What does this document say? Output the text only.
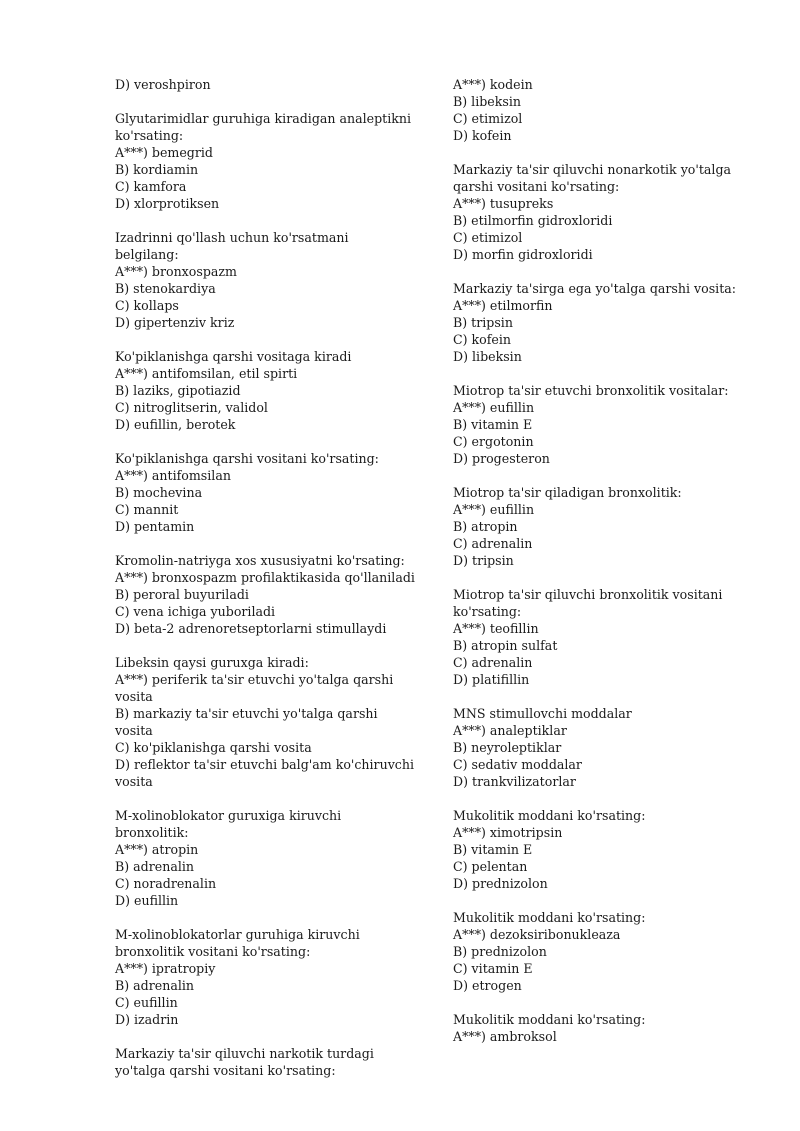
D) veroshpiron
Glyutarimidlar guruhiga kiradigan analeptikni
ko'rsating:
A***) bemegrid
B) kordiamin
C) kamfora
D) xlorprotiksen
Izadrinni qo'llash uchun ko'rsatmani belgilang:
A***) bronxospazm
B) stenokardiya
C) kollaps
D) gipertenziv kriz
Ko'piklanishga qarshi vositaga kiradi
A***) antifomsilan, etil spirti
B) laziks, gipotiazid
C) nitroglitserin, validol
D) eufillin, berotek
Ko'piklanishga qarshi vositani ko'rsating:
A***) antifomsilan
B) mochevina
C) mannit
D) pentamin
Kromolin-natriyga xos xususiyatni ko'rsating:
A***) bronxospazm profilaktikasida qo'llaniladi
B) peroral buyuriladi
C) vena ichiga yuboriladi
D) beta-2 adrenoretseptorlarni stimullaydi
Libeksin qaysi guruxga kiradi:
A***) periferik ta'sir etuvchi yo'talga qarshi
vosita
B) markaziy ta'sir etuvchi yo'talga qarshi vosita
C) ko'piklanishga qarshi vosita
D) reflektor ta'sir etuvchi balg'am ko'chiruvchi
vosita
M-xolinoblokator guruxiga kiruvchi
bronxolitik:
A***) atropin
B) adrenalin
C) noradrenalin
D) eufillin
M-xolinoblokatorlar guruhiga kiruvchi
bronxolitik vositani ko'rsating:
A***) ipratropiy
B) adrenalin
C) eufillin
D) izadrin
Markaziy ta'sir qiluvchi narkotik turdagi
yo'talga qarshi vositani ko'rsating:
A***) kodein
B) libeksin
C) etimizol
D) kofein
Markaziy ta'sir qiluvchi nonarkotik yo'talga
qarshi vositani ko'rsating:
A***) tusupreks
B) etilmorfin gidroxloridi
C) etimizol
D) morfin gidroxloridi
Markaziy ta'sirga ega yo'talga qarshi vosita:
A***) etilmorfin
B) tripsin
C) kofein
D) libeksin
Miotrop ta'sir etuvchi bronxolitik vositalar:
A***) eufillin
B) vitamin E
C) ergotonin
D) progesteron
Miotrop ta'sir qiladigan bronxolitik:
A***) eufillin
B) atropin
C) adrenalin
D) tripsin
Miotrop ta'sir qiluvchi bronxolitik vositani
ko'rsating:
A***) teofillin
B) atropin sulfat
C) adrenalin
D) platifillin
MNS stimullovchi moddalar
A***) analeptiklar
B) neyroleptiklar
C) sedativ moddalar
D) trankvilizatorlar
Mukolitik moddani ko'rsating:
A***) ximotripsin
B) vitamin E
C) pelentan
D) prednizolon
Mukolitik moddani ko'rsating:
A***) dezoksiribonukleaza
B) prednizolon
C) vitamin E
D) etrogen
Mukolitik moddani ko'rsating:
A***) ambroksol
